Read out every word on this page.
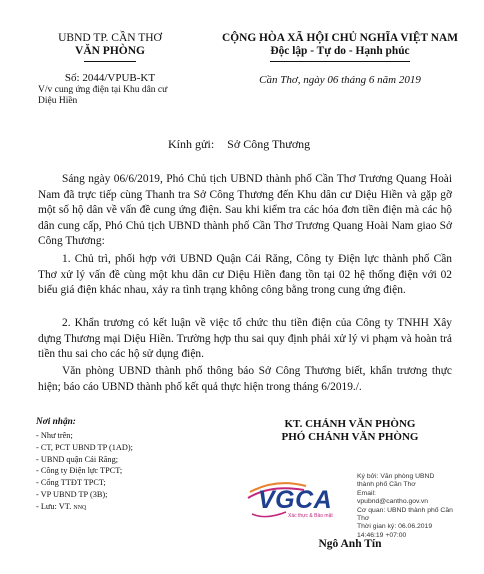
UBND TP. CẦN THƠ
VĂN PHÒNG
CỘNG HÒA XÃ HỘI CHỦ NGHĨA VIỆT NAM
Độc lập - Tự do - Hạnh phúc
Số: 2044/VPUB-KT
V/v cung ứng điện tại Khu dân cư
Diệu Hiền
Cần Thơ, ngày 06 tháng 6 năm 2019
Kính gửi: Sở Công Thương
Sáng ngày 06/6/2019, Phó Chủ tịch UBND thành phố Cần Thơ Trương Quang Hoài Nam đã trực tiếp cùng Thanh tra Sở Công Thương đến Khu dân cư Diệu Hiền và gặp gỡ một số hộ dân về vấn đề cung ứng điện. Sau khi kiểm tra các hóa đơn tiền điện mà các hộ dân cung cấp, Phó Chủ tịch UBND thành phố Cần Thơ Trương Quang Hoài Nam giao Sở Công Thương:
1. Chủ trì, phối hợp với UBND Quận Cái Răng, Công ty Điện lực thành phố Cần Thơ xử lý vấn đề cùng một khu dân cư Diệu Hiền đang tồn tại 02 hệ thống điện với 02 biểu giá điện khác nhau, xảy ra tình trạng không công bằng trong cung ứng điện.
2. Khẩn trương có kết luận về việc tổ chức thu tiền điện của Công ty TNHH Xây dựng Thương mại Diệu Hiền. Trường hợp thu sai quy định phải xử lý vi phạm và hoàn trả tiền thu sai cho các hộ sử dụng điện.
Văn phòng UBND thành phố thông báo Sở Công Thương biết, khẩn trương thực hiện; báo cáo UBND thành phố kết quả thực hiện trong tháng 6/2019./.
Nơi nhận:
- Như trên;
- CT, PCT UBND TP (1AD);
- UBND quận Cái Răng;
- Công ty Điện lực TPCT;
- Cổng TTĐT TPCT;
- VP UBND TP (3B);
- Lưu: VT. NNQ
KT. CHÁNH VĂN PHÒNG
PHÓ CHÁNH VĂN PHÒNG
VGCA
Xác thực & Bảo mật
Ký bởi: Văn phòng UBND
thành phố Cần Thơ
Email:
vpubnd@cantho.gov.vn
Cơ quan: UBND thành phố Cần
Thơ
Thời gian ký: 06.06.2019
14:46:19 +07:00
Ngô Anh Tín
